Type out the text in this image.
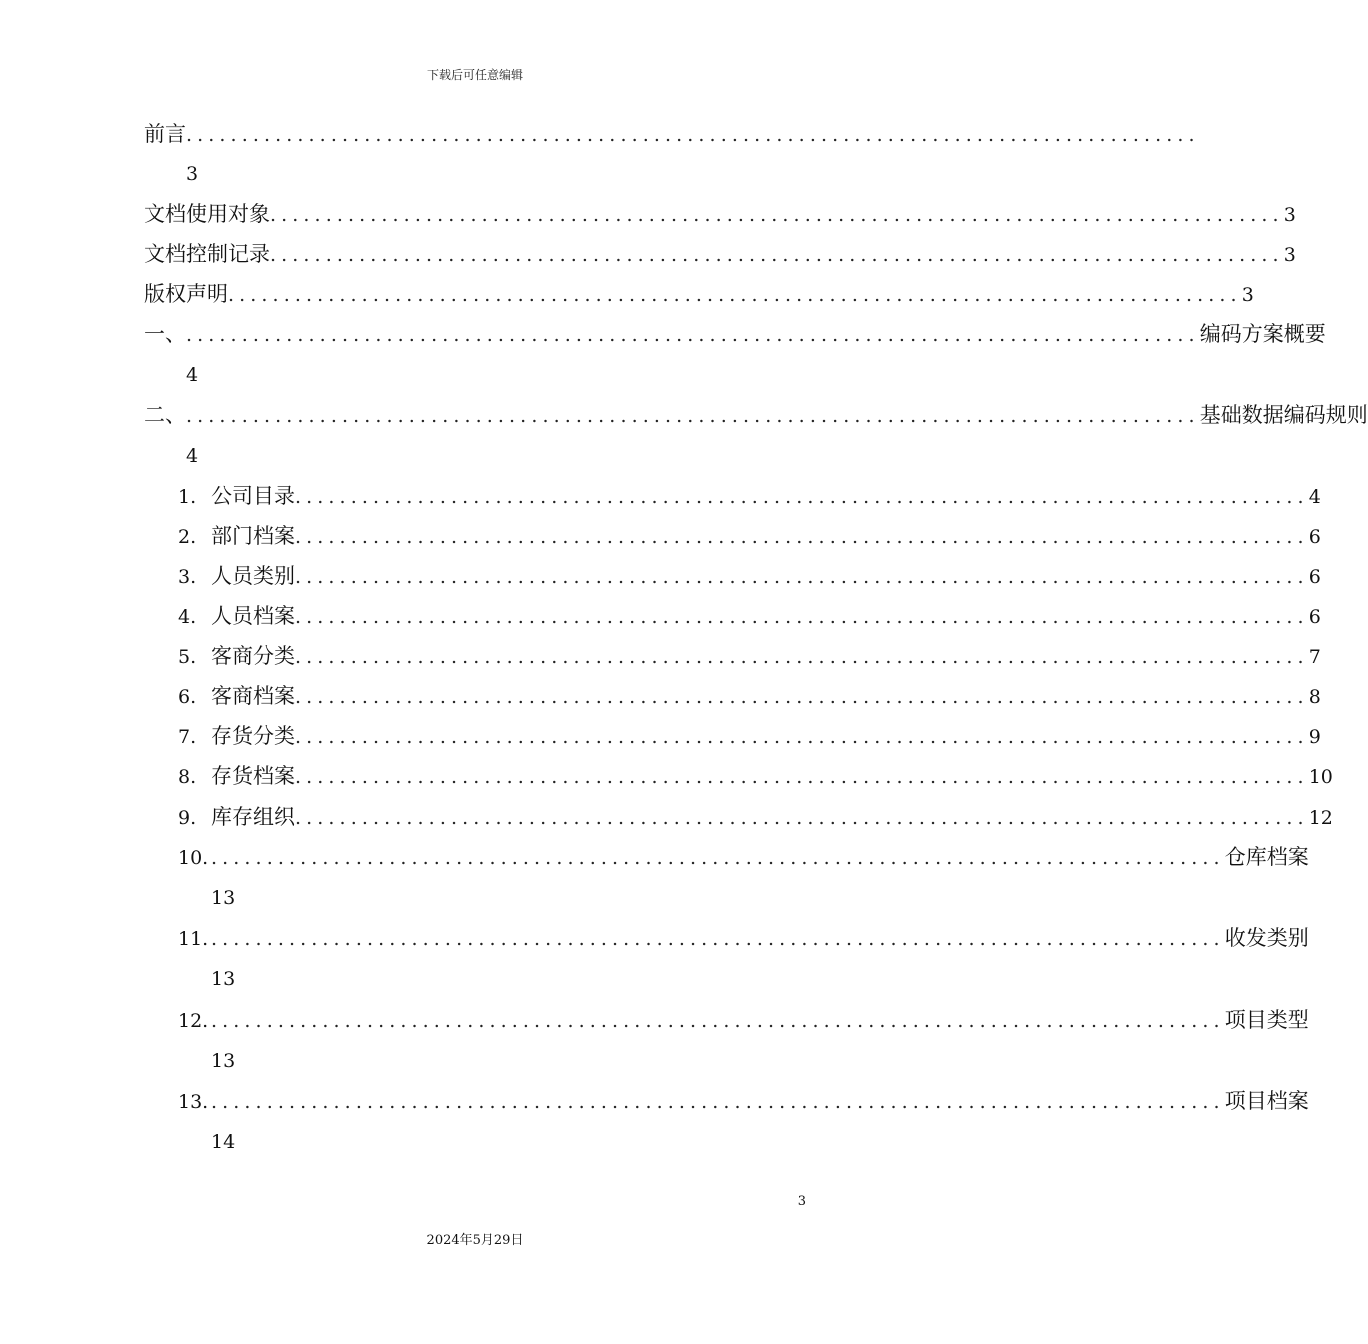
下载后可任意编辑
前言 ...........................................................................................
3
文档使用对象 ........................................................................................... 3
文档控制记录 ........................................................................................... 3
版权声明 ........................................................................................... 3
一、 ........................................................................................... 编码方案概要
4
二、 ........................................................................................... 基础数据编码规则
4
1. 公司目录 ........................................................................................... 4
2. 部门档案 ........................................................................................... 6
3. 人员类别 ........................................................................................... 6
4. 人员档案 ........................................................................................... 6
5. 客商分类 ........................................................................................... 7
6. 客商档案 ........................................................................................... 8
7. 存货分类 ........................................................................................... 9
8. 存货档案 ........................................................................................... 10
9. 库存组织 ........................................................................................... 12
10. ........................................................................................... 仓库档案
13
11. ........................................................................................... 收发类别
13
12. ........................................................................................... 项目类型
13
13. ........................................................................................... 项目档案
14
3
2024年5月29日
